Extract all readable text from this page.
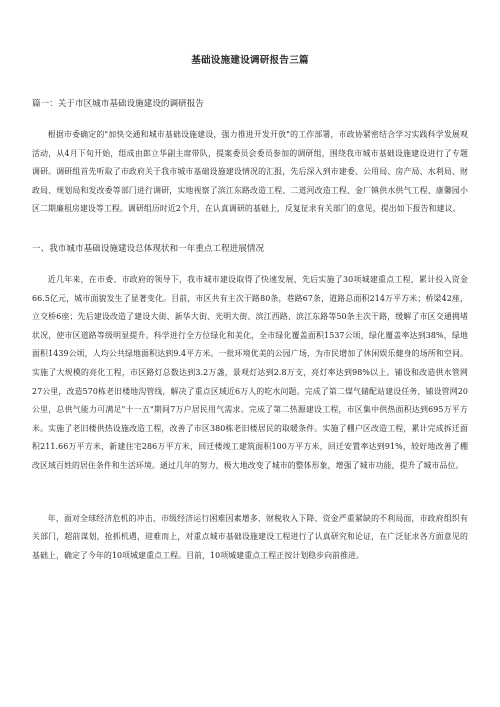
基础设施建设调研报告三篇
篇一：关于市区城市基础设施建设的调研报告

根据市委确定的"加快交通和城市基础设施建设，强力推进开发开放"的工作部署，市政协紧密结合学习实践科学发展观活动，从4月下旬开始，组成由郎立华副主席带队，提案委员会委员参加的调研组，围绕我市城市基础设施建设进行了专题调研。调研组首先听取了市政府关于我市城市基础设施建设情况的汇报，先后深入到市建委、公用局、房产局、水利局、财政局、规划局和发改委等部门进行调研，实地视察了滨江东路改造工程、二道河改造工程、金厂镇供水供气工程、康馨园小区二期廉租房建设等工程。调研组历时近2个月，在认真调研的基础上，反复征求有关部门的意见，提出如下报告和建议。

一、我市城市基础设施建设总体现状和一年重点工程进展情况

近几年来，在市委、市政府的领导下，我市城市建设取得了快速发展，先后实施了30项城建重点工程，累计投入资金66.5亿元，城市面貌发生了显著变化。目前，市区共有主次干路80条，巷路67条，道路总面积214万平方米；桥梁42座，立交桥6座；先后建设改造了建设大街、新华大街、光明大街、滨江西路、滨江东路等50条主次干路，缓解了市区交通拥堵状况，使市区道路等级明显提升。科学进行全方位绿化和美化，全市绿化覆盖面积1537公顷，绿化覆盖率达到38%，绿地面积1439公顷，人均公共绿地面积达到9.4平方米。一批环境优美的公园广场，为市民增加了休闲娱乐健身的场所和空间。实施了大规模的亮化工程，市区路灯总数达到3.2万盏，景观灯达到2.8万支，亮灯率达到98%以上。铺设和改造供水管网27公里，改造570栋老旧楼地沟管线，解决了重点区域近6万人的吃水问题。完成了第二煤气储配站建设任务，铺设管网20公里，总供气能力可满足"十一五"期间7万户居民用气需求。完成了第二热源建设工程，市区集中供热面积达到695万平方米。实施了老旧楼供热设施改造工程，改善了市区380栋老旧楼居民的取暖条件。实施了棚户区改造工程，累计完成拆迁面积211.66万平方米，新建住宅286万平方米，回迁楼竣工建筑面积100万平方米，回迁安置率达到91%，较好地改善了棚改区域百姓的居住条件和生活环境。通过几年的努力，极大地改变了城市的整体形象，增强了城市功能，提升了城市品位。

年，面对全球经济危机的冲击、市级经济运行困难因素增多、财税收入下降、资金严重紧缺的不利局面，市政府组织有关部门，超前谋划，抢抓机遇，迎难而上，对重点城市基础设施建设工程进行了认真研究和论证，在广泛征求各方面意见的基础上，确定了今年的10项城建重点工程。目前，10项城建重点工程正按计划稳步向前推进。
